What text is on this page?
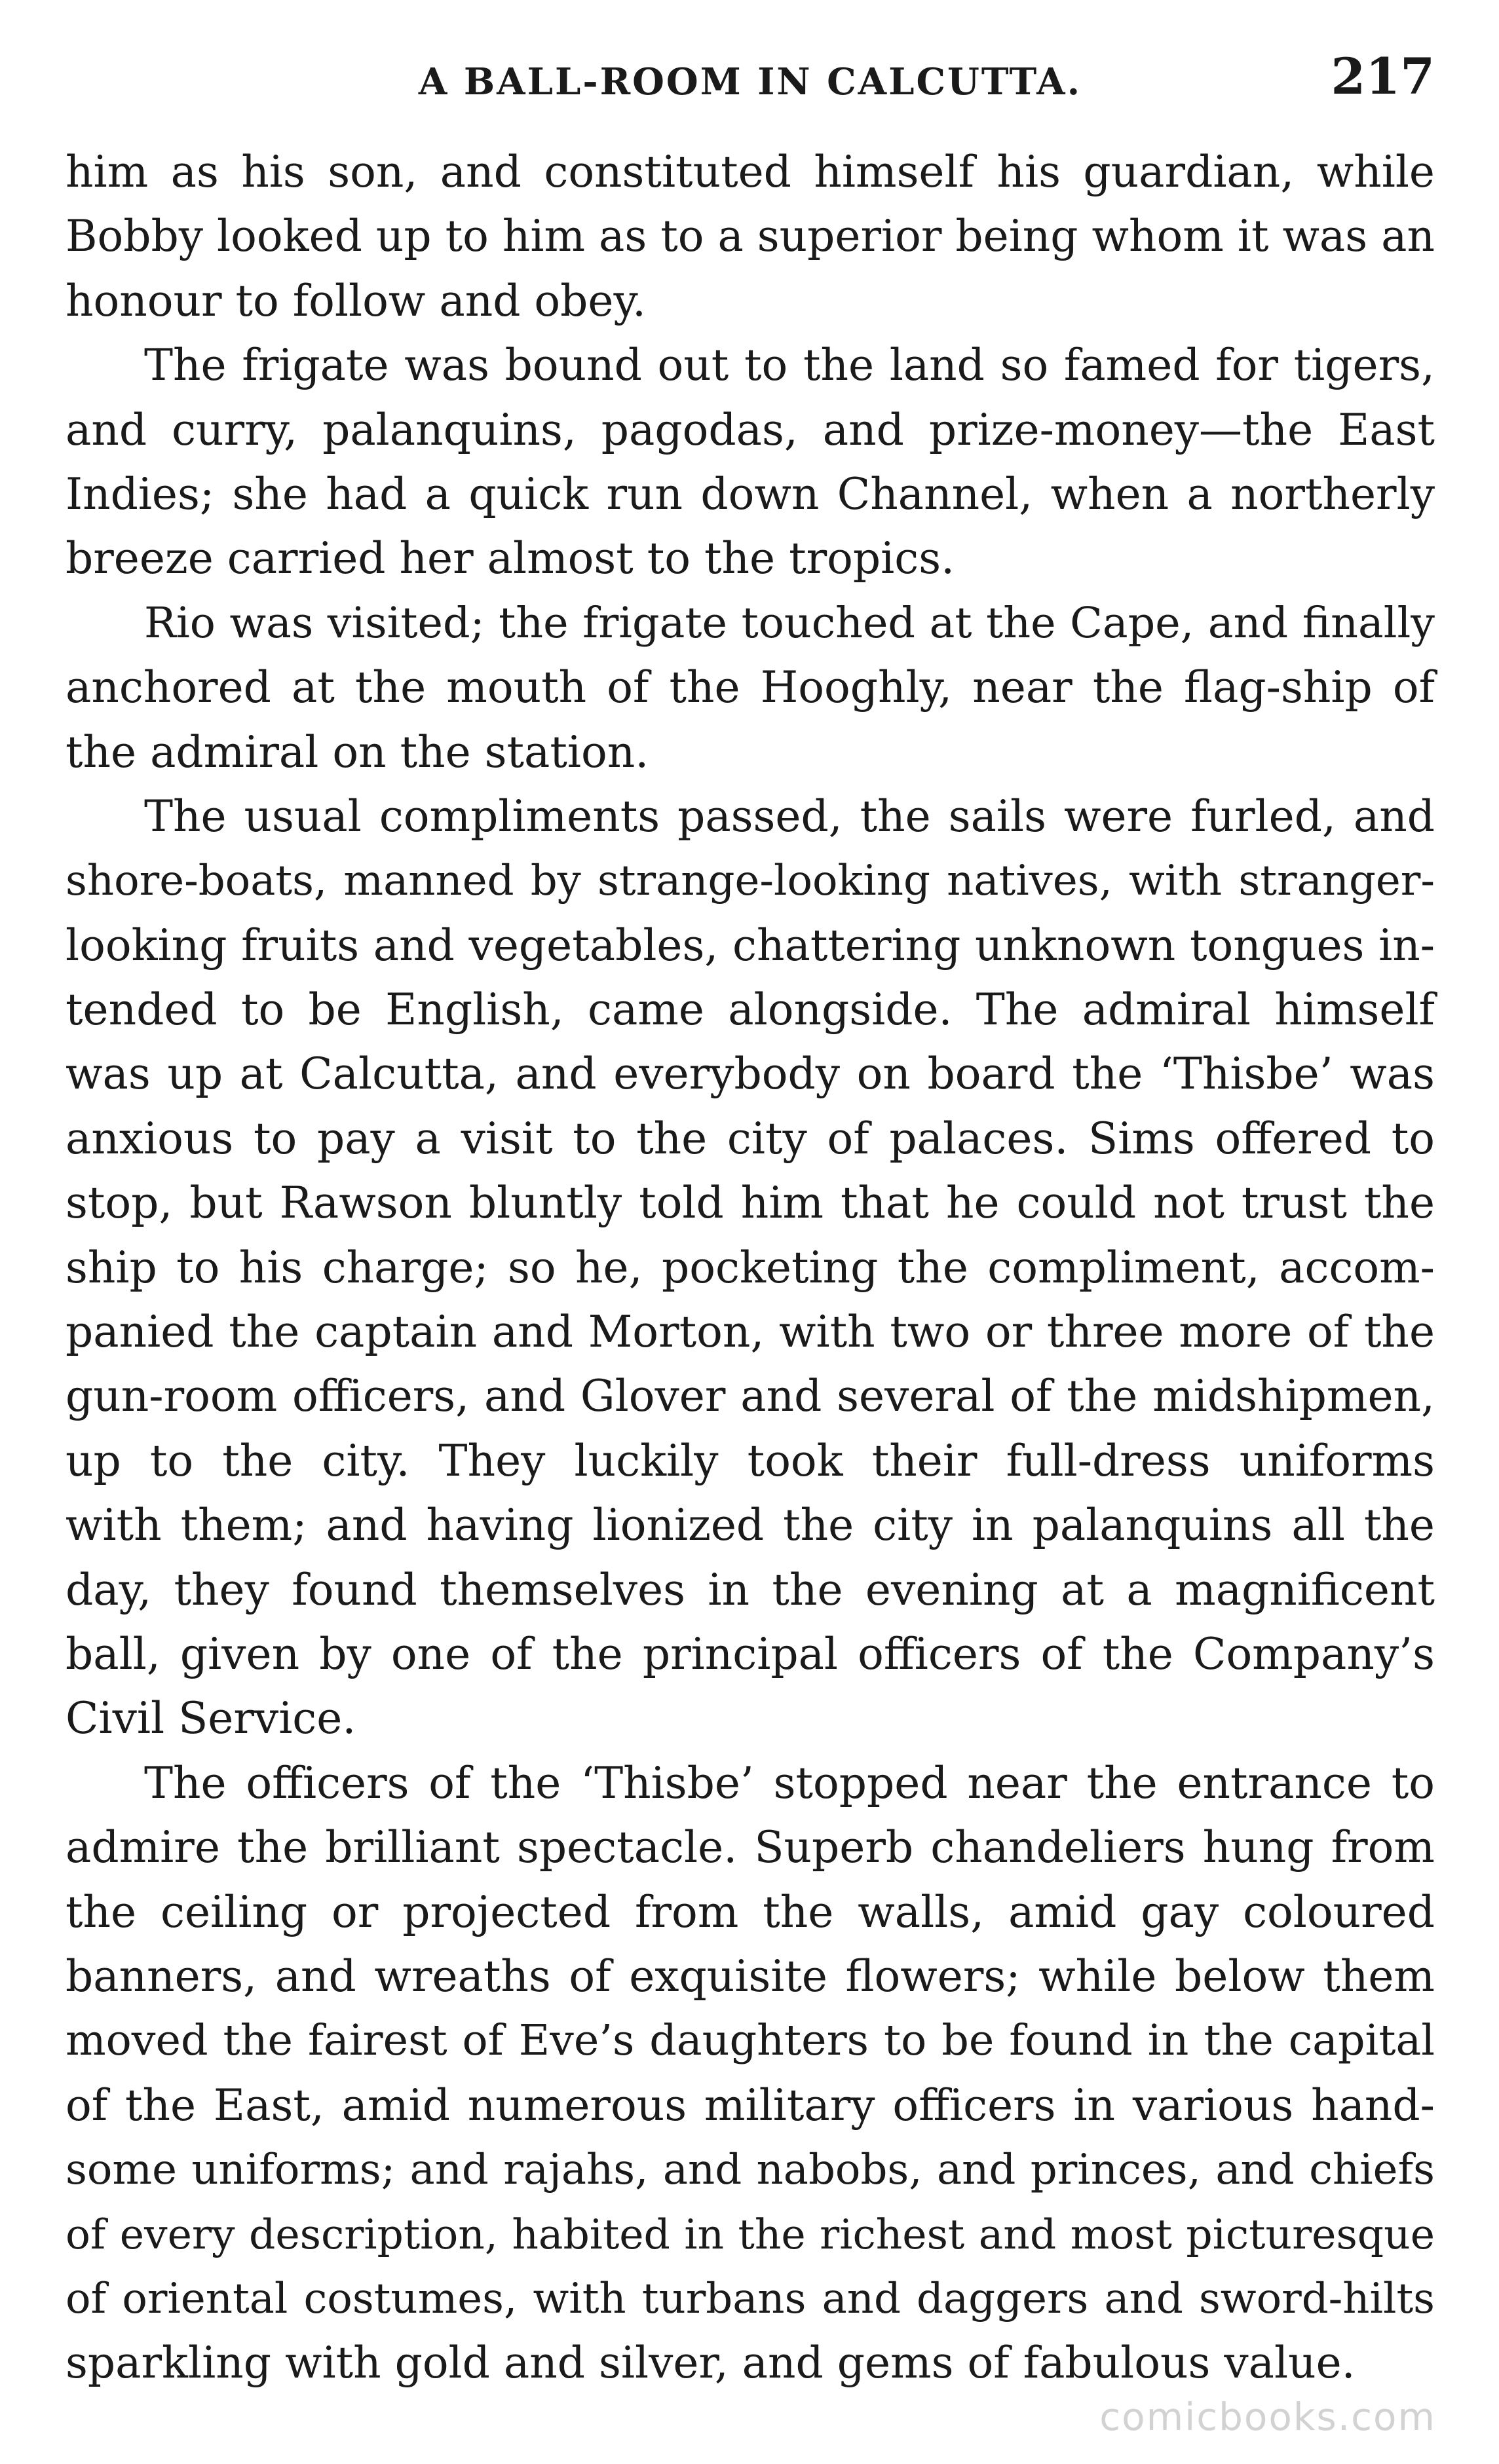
A BALL-ROOM IN CALCUTTA.	217
him as his son, and constituted himself his guardian, while
Bobby looked up to him as to a superior being whom it was an
honour to follow and obey.
The frigate was bound out to the land so famed for tigers,
and curry, palanquins, pagodas, and prize-money—the East
Indies; she had a quick run down Channel, when a northerly
breeze carried her almost to the tropics.
Rio was visited; the frigate touched at the Cape, and finally
anchored at the mouth of the Hooghly, near the flag-ship of
the admiral on the station.
The usual compliments passed, the sails were furled, and
shore-boats, manned by strange-looking natives, with stranger-
looking fruits and vegetables, chattering unknown tongues in-
tended to be English, came alongside. The admiral himself
was up at Calcutta, and everybody on board the ‘Thisbe’ was
anxious to pay a visit to the city of palaces. Sims offered to
stop, but Rawson bluntly told him that he could not trust the
ship to his charge; so he, pocketing the compliment, accom-
panied the captain and Morton, with two or three more of the
gun-room officers, and Glover and several of the midshipmen,
up to the city. They luckily took their full-dress uniforms
with them; and having lionized the city in palanquins all the
day, they found themselves in the evening at a magnificent
ball, given by one of the principal officers of the Company’s
Civil Service.
The officers of the ‘Thisbe’ stopped near the entrance to
admire the brilliant spectacle. Superb chandeliers hung from
the ceiling or projected from the walls, amid gay coloured
banners, and wreaths of exquisite flowers; while below them
moved the fairest of Eve’s daughters to be found in the capital
of the East, amid numerous military officers in various hand-
some uniforms; and rajahs, and nabobs, and princes, and chiefs
of every description, habited in the richest and most picturesque
of oriental costumes, with turbans and daggers and sword-hilts
sparkling with gold and silver, and gems of fabulous value.
comicbooks.com
